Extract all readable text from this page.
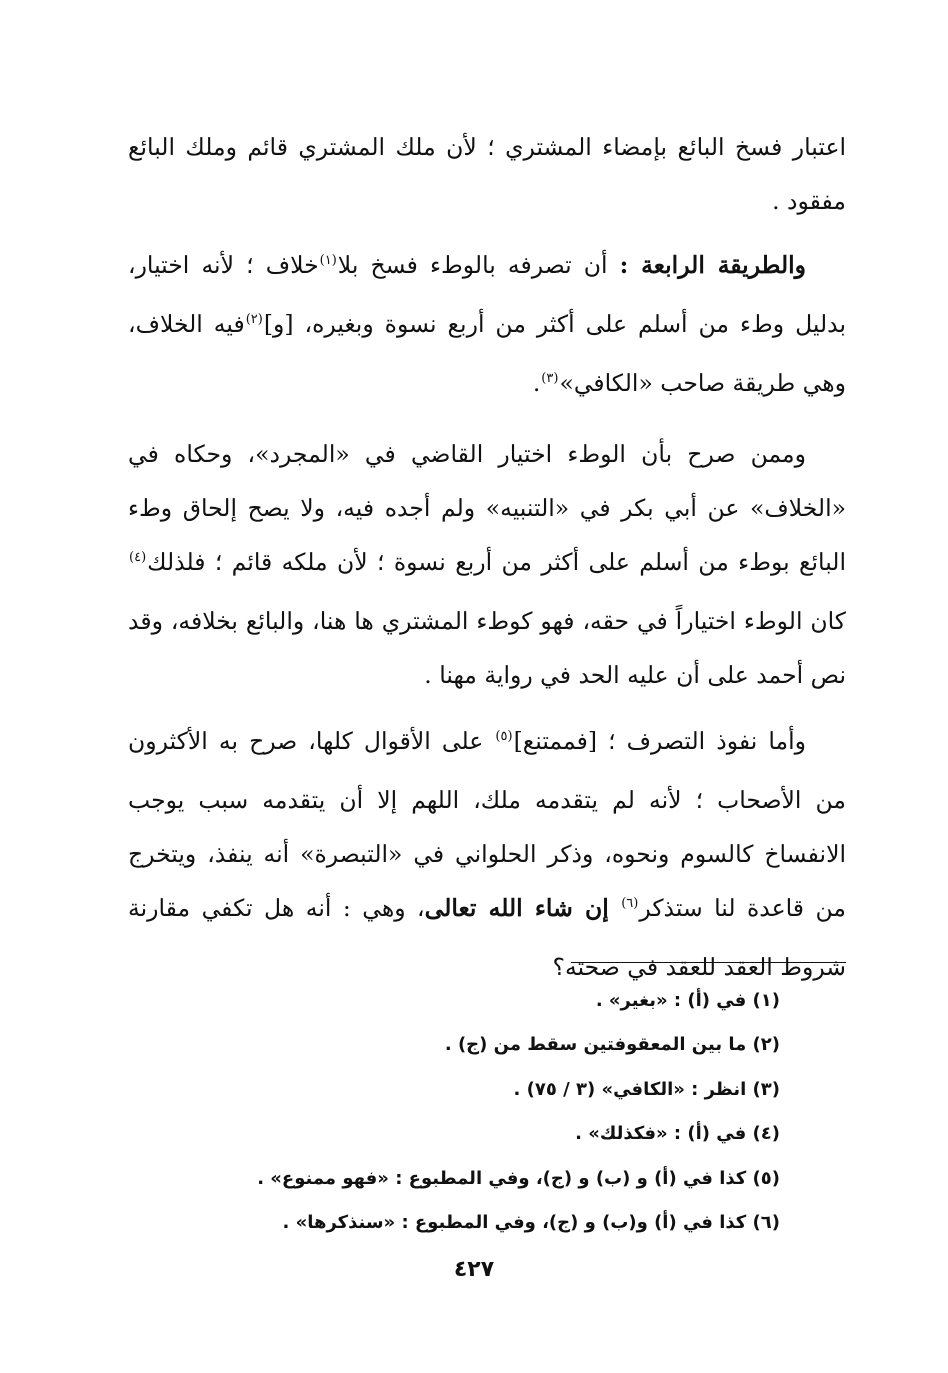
اعتبار فسخ البائع بإمضاء المشتري ؛ لأن ملك المشتري قائم وملك البائع مفقود .

والطريقة الرابعة : أن تصرفه بالوطء فسخ بلا$^{(١)}$خلاف ؛ لأنه اختيار، بدليل وطء من أسلم على أكثر من أربع نسوة وبغيره، [و]$^{(٢)}$فيه الخلاف، وهي طريقة صاحب «الكافي»$^{(٣)}$.

وممن صرح بأن الوطء اختيار القاضي في «المجرد»، وحكاه في «الخلاف» عن أبي بكر في «التنبيه» ولم أجده فيه، ولا يصح إلحاق وطء البائع بوطء من أسلم على أكثر من أربع نسوة ؛ لأن ملكه قائم ؛ فلذلك$^{(٤)}$ كان الوطء اختياراً في حقه، فهو كوطء المشتري ها هنا، والبائع بخلافه، وقد نص أحمد على أن عليه الحد في رواية مهنا .

وأما نفوذ التصرف ؛ [فممتنع]$^{(٥)}$ على الأقوال كلها، صرح به الأكثرون من الأصحاب ؛ لأنه لم يتقدمه ملك، اللهم إلا أن يتقدمه سبب يوجب الانفساخ كالسوم ونحوه، وذكر الحلواني في «التبصرة» أنه ينفذ، ويتخرج من قاعدة لنا ستذكر$^{(٦)}$ إن شاء الله تعالى، وهي : أنه هل تكفي مقارنة شروط العقد للعقد في صحته؟

(١) في (أ) : «بغير» .

(٢) ما بين المعقوفتين سقط من (ج) .

(٣) انظر : «الكافي» (٣ / ٧٥) .

(٤) في (أ) : «فكذلك» .

(٥) كذا في (أ) و (ب) و (ج)، وفي المطبوع : «فهو ممنوع» .

(٦) كذا في (أ) و(ب) و (ج)، وفي المطبوع : «سنذكرها» .

٤٢٧
